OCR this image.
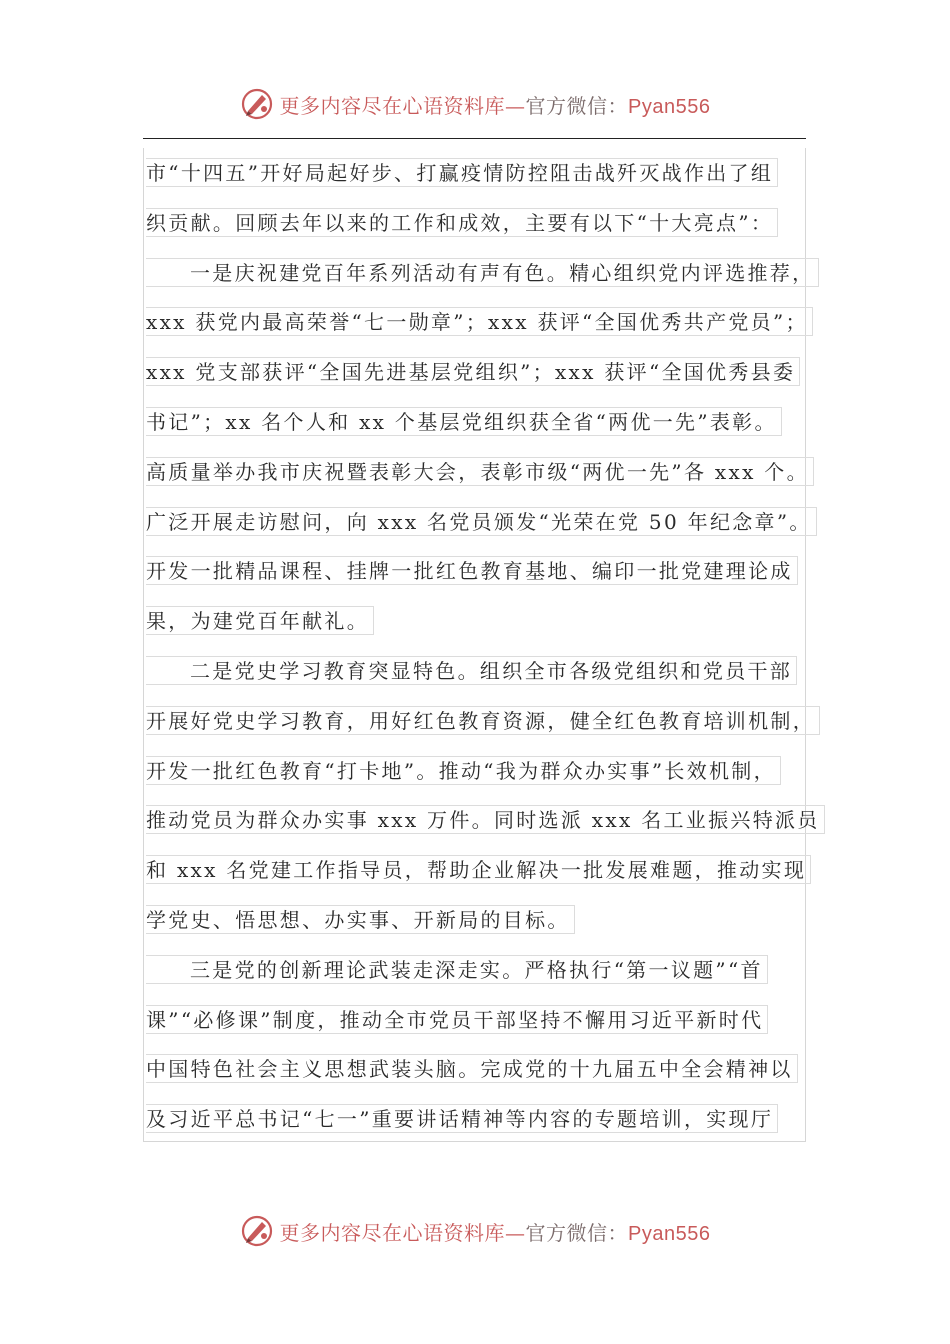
更多内容尽在心语资料库—官方微信：Pyan556
市“十四五”开好局起好步、打赢疫情防控阻击战歼灭战作出了组
织贡献。回顾去年以来的工作和成效，主要有以下“十大亮点”：
一是庆祝建党百年系列活动有声有色。精心组织党内评选推荐，
xxx 获党内最高荣誉“七一勋章”；xxx 获评“全国优秀共产党员”；
xxx 党支部获评“全国先进基层党组织”；xxx 获评“全国优秀县委
书记”；xx 名个人和 xx 个基层党组织获全省“两优一先”表彰。
高质量举办我市庆祝暨表彰大会，表彰市级“两优一先”各 xxx 个。
广泛开展走访慰问，向 xxx 名党员颁发“光荣在党 50 年纪念章”。
开发一批精品课程、挂牌一批红色教育基地、编印一批党建理论成
果，为建党百年献礼。
二是党史学习教育突显特色。组织全市各级党组织和党员干部
开展好党史学习教育，用好红色教育资源，健全红色教育培训机制，
开发一批红色教育“打卡地”。推动“我为群众办实事”长效机制，
推动党员为群众办实事 xxx 万件。同时选派 xxx 名工业振兴特派员
和 xxx 名党建工作指导员，帮助企业解决一批发展难题，推动实现
学党史、悟思想、办实事、开新局的目标。
三是党的创新理论武装走深走实。严格执行“第一议题”“首
课”“必修课”制度，推动全市党员干部坚持不懈用习近平新时代
中国特色社会主义思想武装头脑。完成党的十九届五中全会精神以
及习近平总书记“七一”重要讲话精神等内容的专题培训，实现厅
更多内容尽在心语资料库—官方微信：Pyan556
